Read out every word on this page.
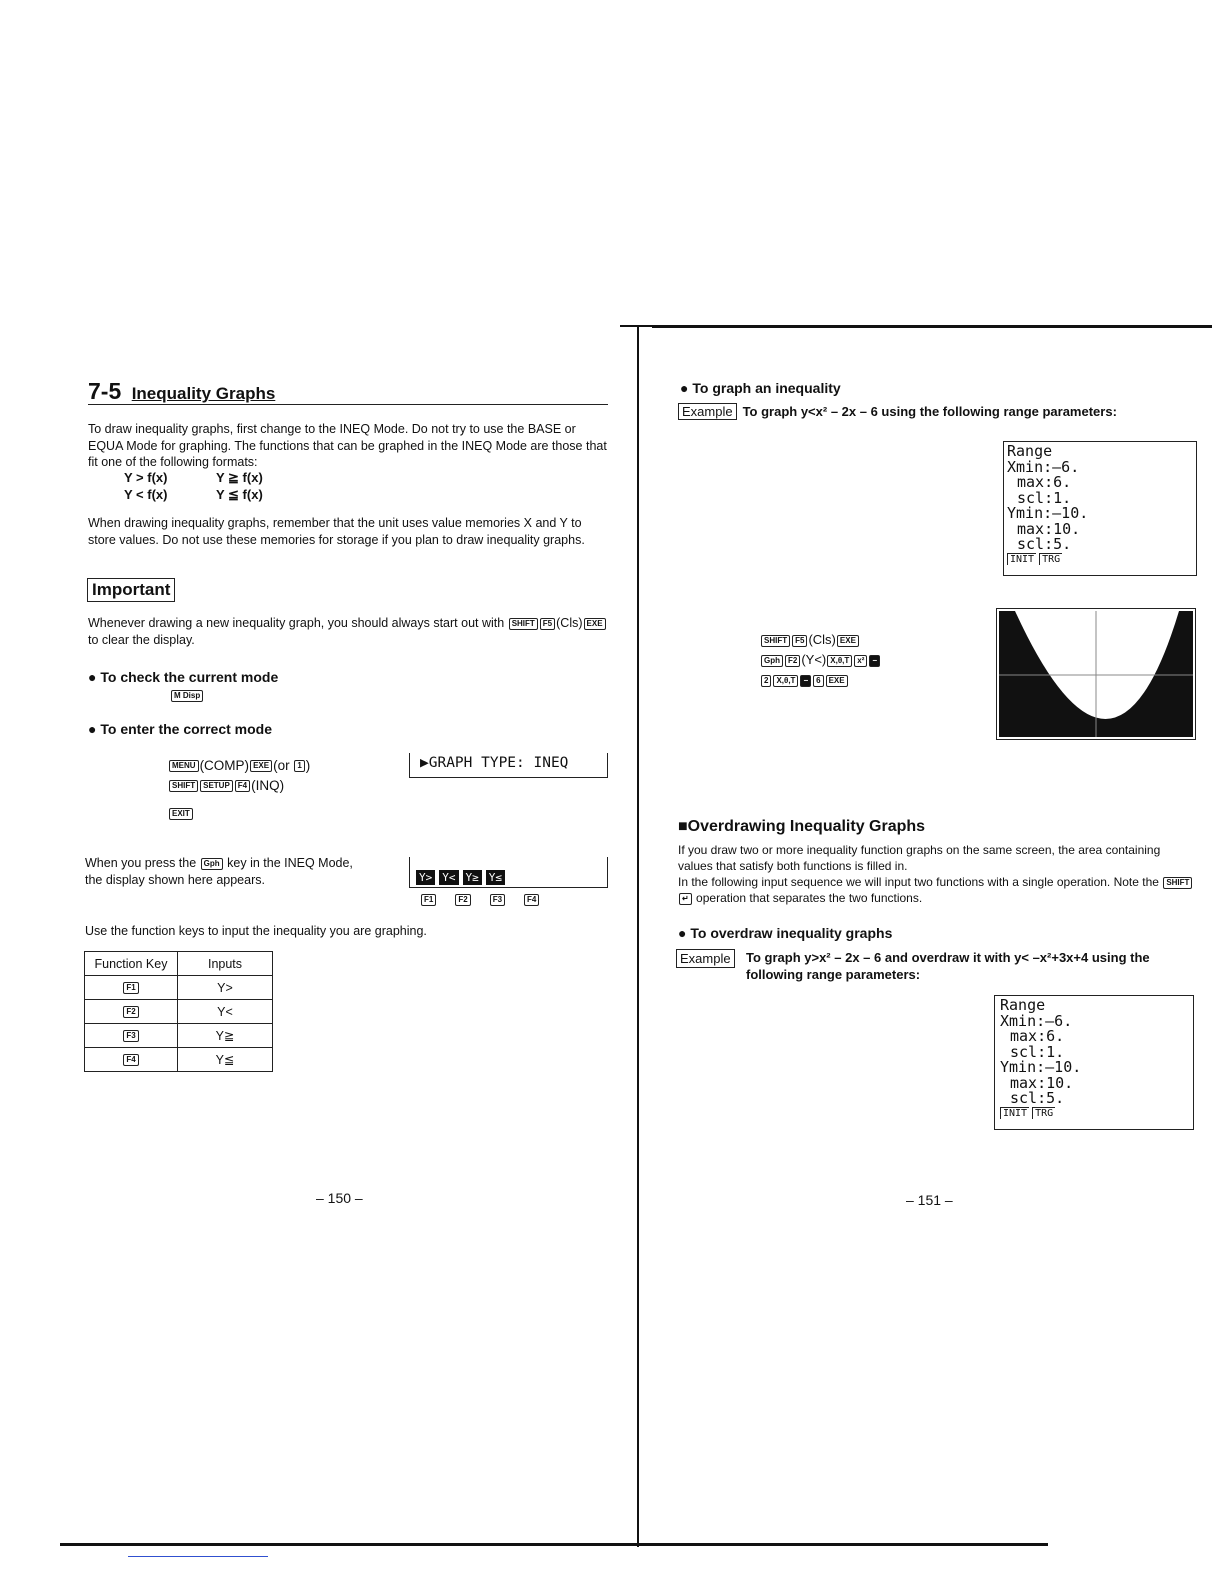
7-5 Inequality Graphs
To draw inequality graphs, first change to the INEQ Mode. Do not try to use the BASE or EQUA Mode for graphing. The functions that can be graphed in the INEQ Mode are those that fit one of the following formats:
Y > f(x)	Y ≧ f(x)
Y < f(x)	Y ≦ f(x)
When drawing inequality graphs, remember that the unit uses value memories X and Y to store values. Do not use these memories for storage if you plan to draw inequality graphs.
Important
Whenever drawing a new inequality graph, you should always start out with SHIFT F5 (Cls) EXE
to clear the display.
● To check the current mode
M Disp
● To enter the correct mode
MENU (COMP) EXE (or 1 )
SHIFT SETUP F4 (INQ)
EXIT
▶GRAPH TYPE: INEQ
When you press the Gph key in the INEQ Mode,
the display shown here appears.	Y> Y< Y≥ Y≤
F1	F2	F3	F4
Use the function keys to input the inequality you are graphing.
Function Key	Inputs
F1	Y>
F2	Y<
F3	Y≧
F4	Y≦
– 150 –
● To graph an inequality
Example To graph y<x² – 2x – 6 using the following range parameters:
Range
Xmin:–6.
max:6.
scl:1.
Ymin:–10.
max:10.
scl:5.
INIT TRG
SHIFT F5 (Cls) EXE
Gph F2 (Y<) X,θ,T x² −
2 X,θ,T − 6 EXE
■Overdrawing Inequality Graphs
If you draw two or more inequality function graphs on the same screen, the area containing values that satisfy both functions is filled in.
In the following input sequence we will input two functions with a single operation. Note the SHIFT↵ operation that separates the two functions.
● To overdraw inequality graphs
Example	To graph y>x² – 2x – 6 and overdraw it with y< –x²+3x+4 using the following range parameters:
Range
Xmin:–6.
max:6.
scl:1.
Ymin:–10.
max:10.
scl:5.
INIT TRG
– 151 –
